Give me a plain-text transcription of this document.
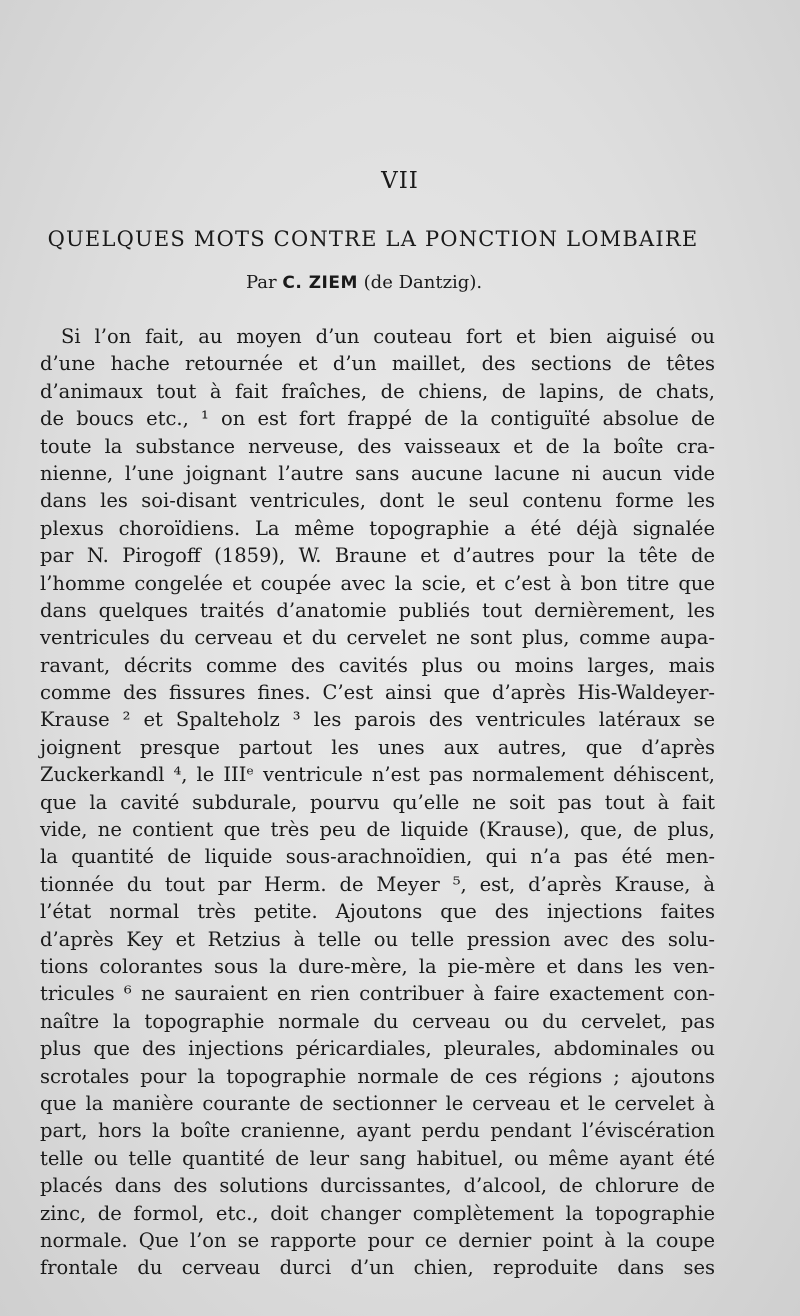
VII
QUELQUES MOTS CONTRE LA PONCTION LOMBAIRE
Par C. ZIEM (de Dantzig).
Si l’on fait, au moyen d’un couteau fort et bien aiguisé ou
d’une hache retournée et d’un maillet, des sections de têtes
d’animaux tout à fait fraîches, de chiens, de lapins, de chats,
de boucs etc., ¹ on est fort frappé de la contiguïté absolue de
toute la substance nerveuse, des vaisseaux et de la boîte cra-
nienne, l’une joignant l’autre sans aucune lacune ni aucun vide
dans les soi-disant ventricules, dont le seul contenu forme les
plexus choroïdiens. La même topographie a été déjà signalée
par N. Pirogoff (1859), W. Braune et d’autres pour la tête de
l’homme congelée et coupée avec la scie, et c’est à bon titre que
dans quelques traités d’anatomie publiés tout dernièrement, les
ventricules du cerveau et du cervelet ne sont plus, comme aupa-
ravant, décrits comme des cavités plus ou moins larges, mais
comme des fissures fines. C’est ainsi que d’après His-Waldeyer-
Krause ² et Spalteholz ³ les parois des ventricules latéraux se
joignent presque partout les unes aux autres, que d’après
Zuckerkandl ⁴, le IIIᵉ ventricule n’est pas normalement déhiscent,
que la cavité subdurale, pourvu qu’elle ne soit pas tout à fait
vide, ne contient que très peu de liquide (Krause), que, de plus,
la quantité de liquide sous-arachnoïdien, qui n’a pas été men-
tionnée du tout par Herm. de Meyer ⁵, est, d’après Krause, à
l’état normal très petite. Ajoutons que des injections faites
d’après Key et Retzius à telle ou telle pression avec des solu-
tions colorantes sous la dure-mère, la pie-mère et dans les ven-
tricules ⁶ ne sauraient en rien contribuer à faire exactement con-
naître la topographie normale du cerveau ou du cervelet, pas
plus que des injections péricardiales, pleurales, abdominales ou
scrotales pour la topographie normale de ces régions ; ajoutons
que la manière courante de sectionner le cerveau et le cervelet à
part, hors la boîte cranienne, ayant perdu pendant l’éviscération
telle ou telle quantité de leur sang habituel, ou même ayant été
placés dans des solutions durcissantes, d’alcool, de chlorure de
zinc, de formol, etc., doit changer complètement la topographie
normale. Que l’on se rapporte pour ce dernier point à la coupe
frontale du cerveau durci d’un chien, reproduite dans ses
